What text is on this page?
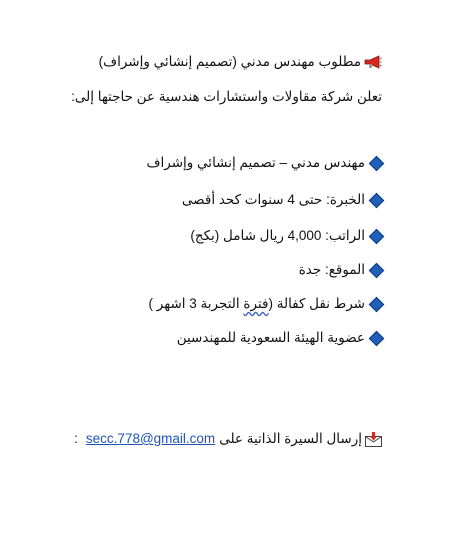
مطلوب مهندس مدني (تصميم إنشائي وإشراف)
تعلن شركة مقاولات واستشارات هندسية عن حاجتها إلى:
مهندس مدني – تصميم إنشائي وإشراف
الخبرة: حتى 4 سنوات كحد أقصى
الراتب: 4,000 ريال شامل (بكج)
الموقع: جدة
شرط نقل كفالة (فترة التجربة 3 اشهر )
عضوية الهيئة السعودية للمهندسين
إرسال السيرة الذاتية على
secc.778@gmail.com
:
